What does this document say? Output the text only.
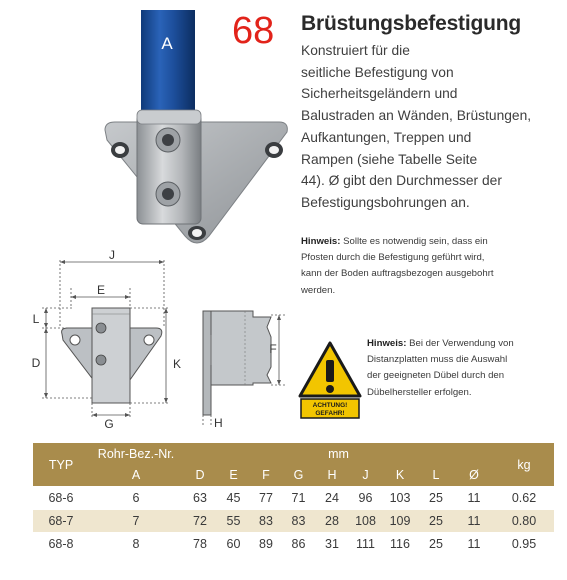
A 68 Brüstungsbefestigung
Konstruiert für die
seitliche Befestigung von
Sicherheitsgeländern und
Balustraden an Wänden, Brüstungen,
Aufkantungen, Treppen und
Rampen (siehe Tabelle Seite
44). Ø gibt den Durchmesser der
Befestigungsbohrungen an.
Hinweis: Sollte es notwendig sein, dass ein
Pfosten durch die Befestigung geführt wird,
kann der Boden auftragsbezogen ausgebohrt
werden.
J
E
L
D	K
G
F
H
ACHTUNG!
GEFAHR!
Hinweis: Bei der Verwendung von
Distanzplatten muss die Auswahl
der geeigneten Dübel durch den
Dübelhersteller erfolgen.
TYP	Rohr-Bez.-Nr.	mm									kg
	A	D	E	F	G	H	J	K	L	Ø	
68-6	6	63	45	77	71	24	96	103	25	11	0.62
68-7	7	72	55	83	83	28	108	109	25	11	0.80
68-8	8	78	60	89	86	31	111	116	25	11	0.95
